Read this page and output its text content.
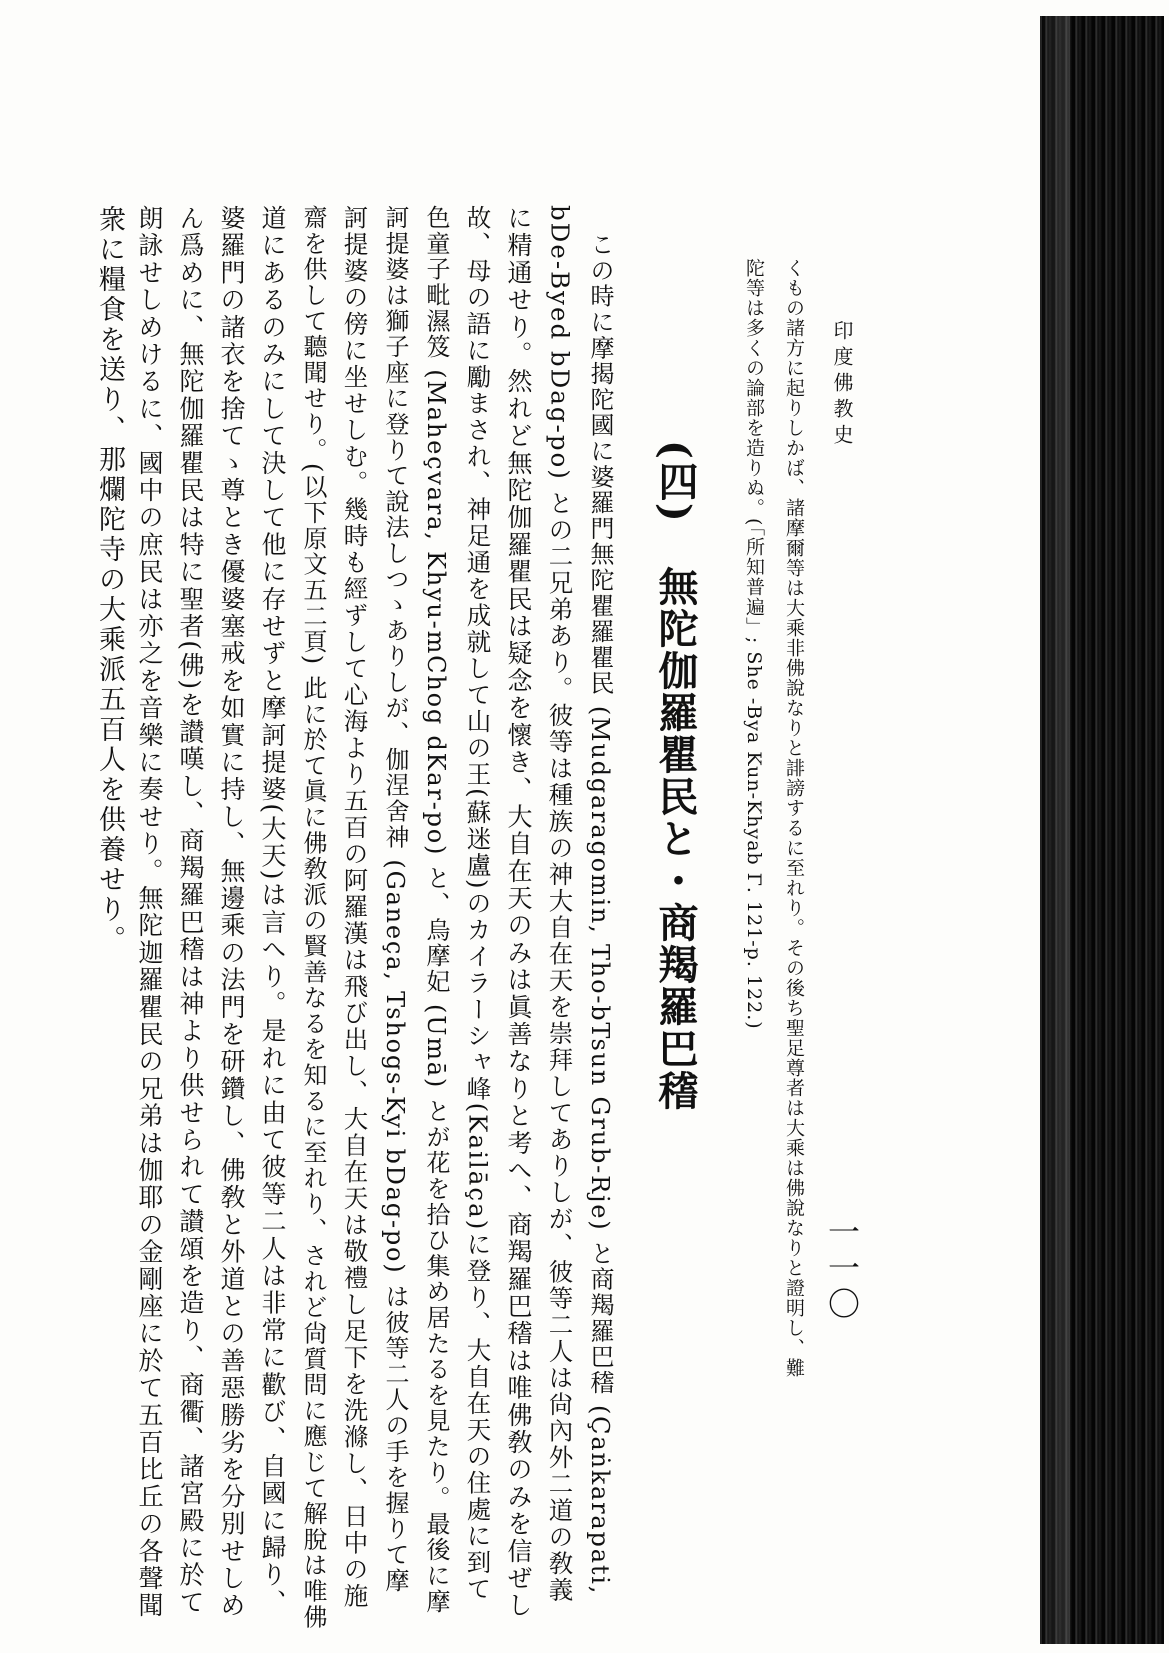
印度佛教史
一一〇
くもの諸方に起りしかば、諸摩爾等は大乘非佛說なりと誹謗するに至れり。その後ち聖足尊者は大乘は佛說なりと證明し、難
陀等は多くの論部を造りぬ。(「所知普遍」; She -Bya Kun-Khyab Γ. 121-p. 122.)
(四)　無陀伽羅瞿民と・商羯羅巴𥡴
この時に摩揭陀國に婆羅門無陀瞿羅瞿民 (Mudgaragomin, Tho-bTsun Grub-Rje) と商羯羅巴𥡴 (Çaṅkarapati,
bDe-Byed bDag-po) との二兄弟あり。彼等は種族の神大自在天を崇拜してありしが、彼等二人は尙內外二道の敎義
に精通せり。然れど無陀伽羅瞿民は疑念を懷き、大自在天のみは眞善なりと考へ、商羯羅巴𥡴は唯佛敎のみを信ぜし
故、母の語に勵まされ、神足通を成就して山の王(蘇迷盧)のカイラーシャ峰(Kailāça)に登り、大自在天の住處に到て
色童子毗濕笈 (Maheçvara, Khyu-mChog dKar-po) と、烏摩妃 (Umā) とが花を拾ひ集め居たるを見たり。最後に摩
訶提婆は獅子座に登りて說法しつゝありしが、伽涅舍神 (Ganeça, Tshogs-Kyi bDag-po) は彼等二人の手を握りて摩
訶提婆の傍に坐せしむ。幾時も經ずして心海より五百の阿羅漢は飛び出し、大自在天は敬禮し足下を洗滌し、日中の施
齋を供して聽聞せり。(以下原文五二頁) 此に於て眞に佛敎派の賢善なるを知るに至れり、されど尙質問に應じて解脫は唯佛
道にあるのみにして決して他に存せずと摩訶提婆(大天)は言へり。是れに由て彼等二人は非常に歡び、自國に歸り、
婆羅門の諸衣を捨てゝ尊とき優婆塞戒を如實に持し、無邊乘の法門を研鑽し、佛敎と外道との善惡勝劣を分別せしめ
ん爲めに、無陀伽羅瞿民は特に聖者(佛)を讃嘆し、商羯羅巴𥡴は神より供せられて讃頌を造り、商衢、諸宮殿に於て
朗詠せしめけるに、國中の庶民は亦之を音樂に奏せり。無陀迦羅瞿民の兄弟は伽耶の金剛座に於て五百比丘の各聲聞
衆に糧食を送り、那爛陀寺の大乘派五百人を供養せり。
